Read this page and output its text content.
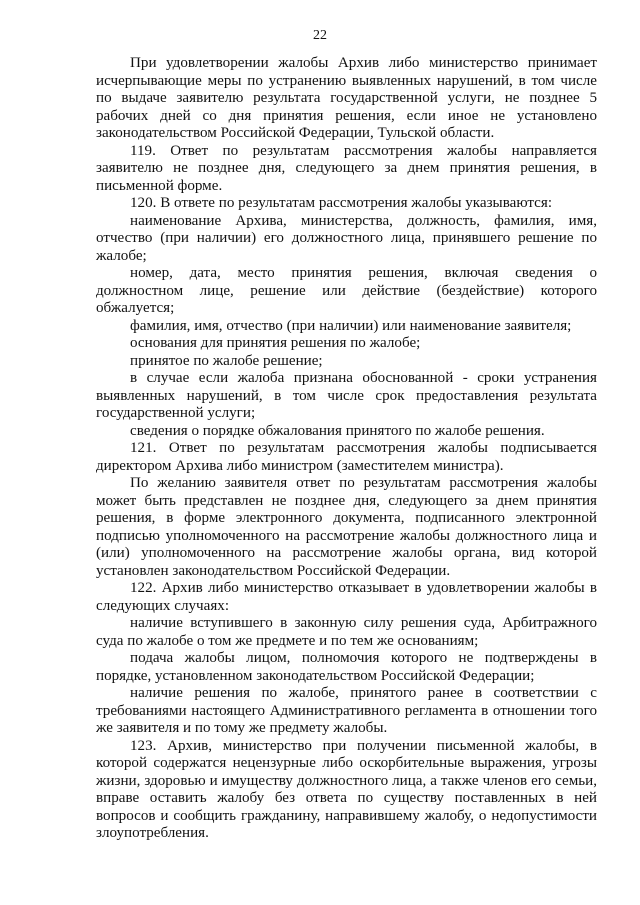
22

При удовлетворении жалобы Архив либо министерство принимает исчерпывающие меры по устранению выявленных нарушений, в том числе по выдаче заявителю результата государственной услуги, не позднее 5 рабочих дней со дня принятия решения, если иное не установлено законодательством Российской Федерации, Тульской области.

119. Ответ по результатам рассмотрения жалобы направляется заявителю не позднее дня, следующего за днем принятия решения, в письменной форме.

120. В ответе по результатам рассмотрения жалобы указываются:

наименование Архива, министерства, должность, фамилия, имя, отчество (при наличии) его должностного лица, принявшего решение по жалобе;

номер, дата, место принятия решения, включая сведения о должностном лице, решение или действие (бездействие) которого обжалуется;

фамилия, имя, отчество (при наличии) или наименование заявителя;

основания для принятия решения по жалобе;

принятое по жалобе решение;

в случае если жалоба признана обоснованной - сроки устранения выявленных нарушений, в том числе срок предоставления результата государственной услуги;

сведения о порядке обжалования принятого по жалобе решения.

121. Ответ по результатам рассмотрения жалобы подписывается директором Архива либо министром (заместителем министра).

По желанию заявителя ответ по результатам рассмотрения жалобы может быть представлен не позднее дня, следующего за днем принятия решения, в форме электронного документа, подписанного электронной подписью уполномоченного на рассмотрение жалобы должностного лица и (или) уполномоченного на рассмотрение жалобы органа, вид которой установлен законодательством Российской Федерации.

122. Архив либо министерство отказывает в удовлетворении жалобы в следующих случаях:

наличие вступившего в законную силу решения суда, Арбитражного суда по жалобе о том же предмете и по тем же основаниям;

подача жалобы лицом, полномочия которого не подтверждены в порядке, установленном законодательством Российской Федерации;

наличие решения по жалобе, принятого ранее в соответствии с требованиями настоящего Административного регламента в отношении того же заявителя и по тому же предмету жалобы.

123. Архив, министерство при получении письменной жалобы, в которой содержатся нецензурные либо оскорбительные выражения, угрозы жизни, здоровью и имуществу должностного лица, а также членов его семьи, вправе оставить жалобу без ответа по существу поставленных в ней вопросов и сообщить гражданину, направившему жалобу, о недопустимости злоупотребления.
